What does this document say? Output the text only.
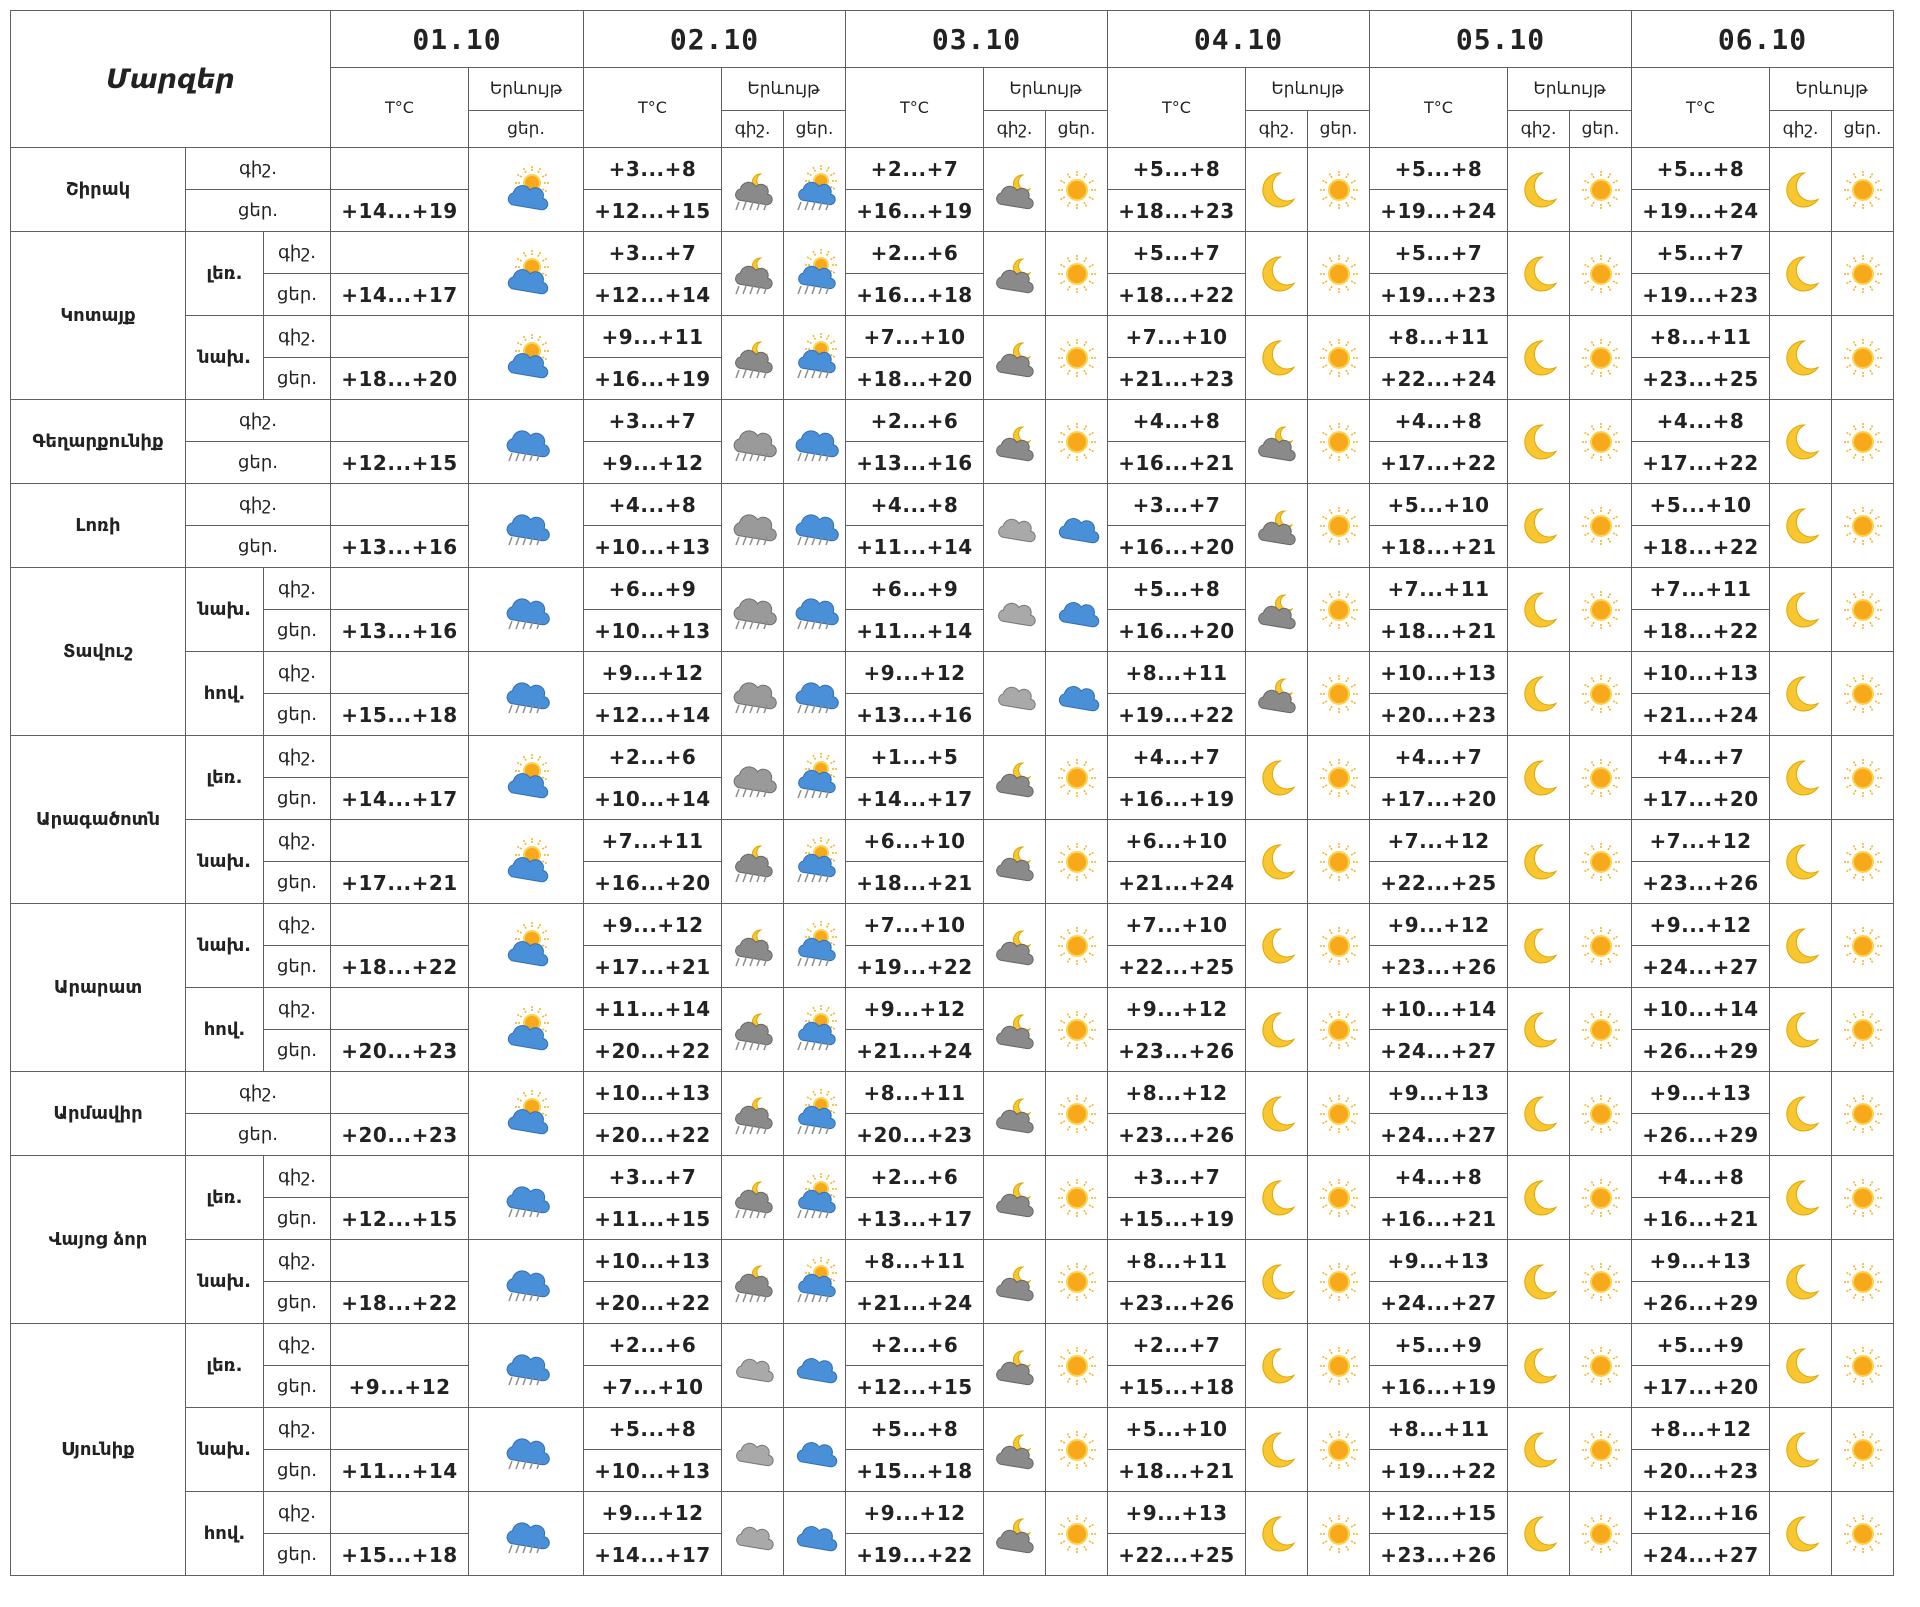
Մարզեր			01.10		02.10			03.10			04.10			05.10			06.10		
			T°C	Երևույթ	T°C	Երևույթ		T°C	Երևույթ		T°C	Երևույթ		T°C	Երևույթ		T°C	Երևույթ	
				ցեր.		գիշ.	ցեր.		գիշ.	ցեր.		գիշ.	ցեր.		գիշ.	ցեր.		գիշ.	ցեր.
Շիրակ	գիշ.				+3...+8			+2...+7			+5...+8			+5...+8			+5...+8	

	ցեր.		+14...+19		+12...+15			+16...+19			+18...+23			+19...+24			+19...+24		
Կոտայք	լեռ.	գիշ.			+3...+7			+2...+6			+5...+7			+5...+7			+5...+7	

		ցեր.	+14...+17		+12...+14			+16...+18			+18...+22			+19...+23			+19...+23		
	նախ.	գիշ.			+9...+11			+7...+10			+7...+10			+8...+11			+8...+11	

		ցեր.	+18...+20		+16...+19			+18...+20			+21...+23			+22...+24			+23...+25		
Գեղարքունիք	գիշ.				+3...+7			+2...+6			+4...+8			+4...+8			+4...+8	

	ցեր.		+12...+15		+9...+12			+13...+16			+16...+21			+17...+22			+17...+22		
Լոռի	գիշ.				+4...+8			+4...+8			+3...+7			+5...+10			+5...+10	

	ցեր.		+13...+16		+10...+13			+11...+14			+16...+20			+18...+21			+18...+22		
Տավուշ	նախ.	գիշ.			+6...+9			+6...+9			+5...+8			+7...+11			+7...+11	

		ցեր.	+13...+16		+10...+13			+11...+14			+16...+20			+18...+21			+18...+22		
	հով.	գիշ.			+9...+12			+9...+12			+8...+11			+10...+13			+10...+13	

		ցեր.	+15...+18		+12...+14			+13...+16			+19...+22			+20...+23			+21...+24		
Արագածոտն	լեռ.	գիշ.			+2...+6			+1...+5			+4...+7			+4...+7			+4...+7	

		ցեր.	+14...+17		+10...+14			+14...+17			+16...+19			+17...+20			+17...+20		
	նախ.	գիշ.			+7...+11			+6...+10			+6...+10			+7...+12			+7...+12	

		ցեր.	+17...+21		+16...+20			+18...+21			+21...+24			+22...+25			+23...+26		
Արարատ	նախ.	գիշ.			+9...+12			+7...+10			+7...+10			+9...+12			+9...+12	

		ցեր.	+18...+22		+17...+21			+19...+22			+22...+25			+23...+26			+24...+27		
	հով.	գիշ.			+11...+14			+9...+12			+9...+12			+10...+14			+10...+14	

		ցեր.	+20...+23		+20...+22			+21...+24			+23...+26			+24...+27			+26...+29		
Արմավիր	գիշ.				+10...+13			+8...+11			+8...+12			+9...+13			+9...+13	

	ցեր.		+20...+23		+20...+22			+20...+23			+23...+26			+24...+27			+26...+29		
Վայոց ձոր	լեռ.	գիշ.			+3...+7			+2...+6			+3...+7			+4...+8			+4...+8	

		ցեր.	+12...+15		+11...+15			+13...+17			+15...+19			+16...+21			+16...+21		
	նախ.	գիշ.			+10...+13			+8...+11			+8...+11			+9...+13			+9...+13	

		ցեր.	+18...+22		+20...+22			+21...+24			+23...+26			+24...+27			+26...+29		
Սյունիք	լեռ.	գիշ.			+2...+6			+2...+6			+2...+7			+5...+9			+5...+9	

		ցեր.	+9...+12		+7...+10			+12...+15			+15...+18			+16...+19			+17...+20		
	նախ.	գիշ.			+5...+8			+5...+8			+5...+10			+8...+11			+8...+12	

		ցեր.	+11...+14		+10...+13			+15...+18			+18...+21			+19...+22			+20...+23		
	հով.	գիշ.			+9...+12			+9...+12			+9...+13			+12...+15			+12...+16	

		ցեր.	+15...+18		+14...+17			+19...+22			+22...+25			+23...+26			+24...+27		
